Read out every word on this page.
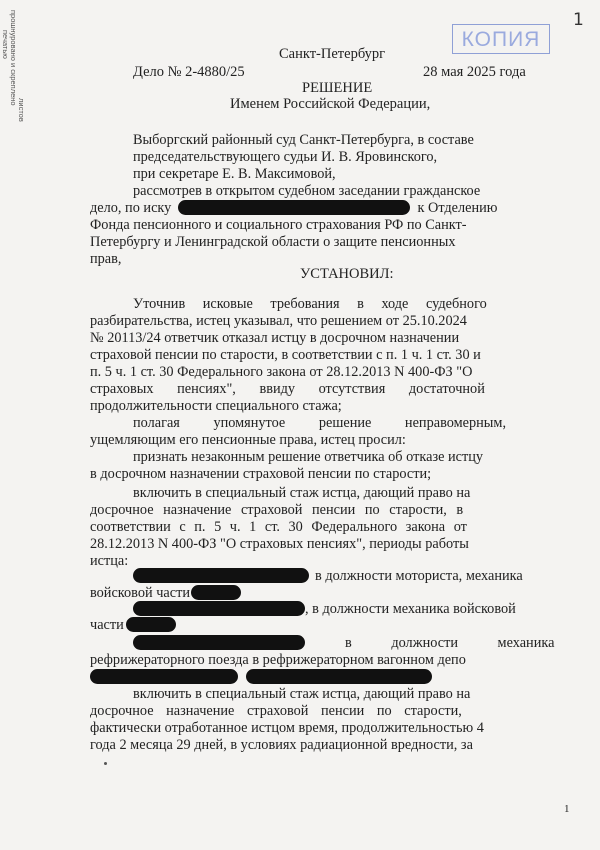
прошнуровано и скреплено
печатью
листов
КОПИЯ
1
Санкт-Петербург
Дело № 2-4880/25	28 мая 2025 года
РЕШЕНИЕ
Именем Российской Федерации,
Выборгский районный суд Санкт-Петербурга, в составе
председательствующего судьи И. В. Яровинского,
при секретаре Е. В. Максимовой,
рассмотрев в открытом судебном заседании гражданское
дело, по иску	к Отделению
Фонда пенсионного и социального страхования РФ по Санкт-
Петербургу и Ленинградской области о защите пенсионных
прав,
УСТАНОВИЛ:
Уточнив исковые требования в ходе судебного
разбирательства, истец указывал, что решением от 25.10.2024
№ 20113/24 ответчик отказал истцу в досрочном назначении
страховой пенсии по старости, в соответствии с п. 1 ч. 1 ст. 30 и
п. 5 ч. 1 ст. 30 Федерального закона от 28.12.2013 N 400-ФЗ "О
страховых пенсиях", ввиду отсутствия достаточной
продолжительности специального стажа;
полагая упомянутое решение неправомерным,
ущемляющим его пенсионные права, истец просил:
признать незаконным решение ответчика об отказе истцу
в досрочном назначении страховой пенсии по старости;
включить в специальный стаж истца, дающий право на
досрочное назначение страховой пенсии по старости, в
соответствии с п. 5 ч. 1 ст. 30 Федерального закона от
28.12.2013 N 400-ФЗ "О страховых пенсиях", периоды работы
истца:
в должности моториста, механика
войсковой части
, в должности механика войсковой
части
в должности механика
рефрижераторного поезда в рефрижераторном вагонном депо

включить в специальный стаж истца, дающий право на
досрочное назначение страховой пенсии по старости,
фактически отработанное истцом время, продолжительностью 4
года 2 месяца 29 дней, в условиях радиационной вредности, за
1
